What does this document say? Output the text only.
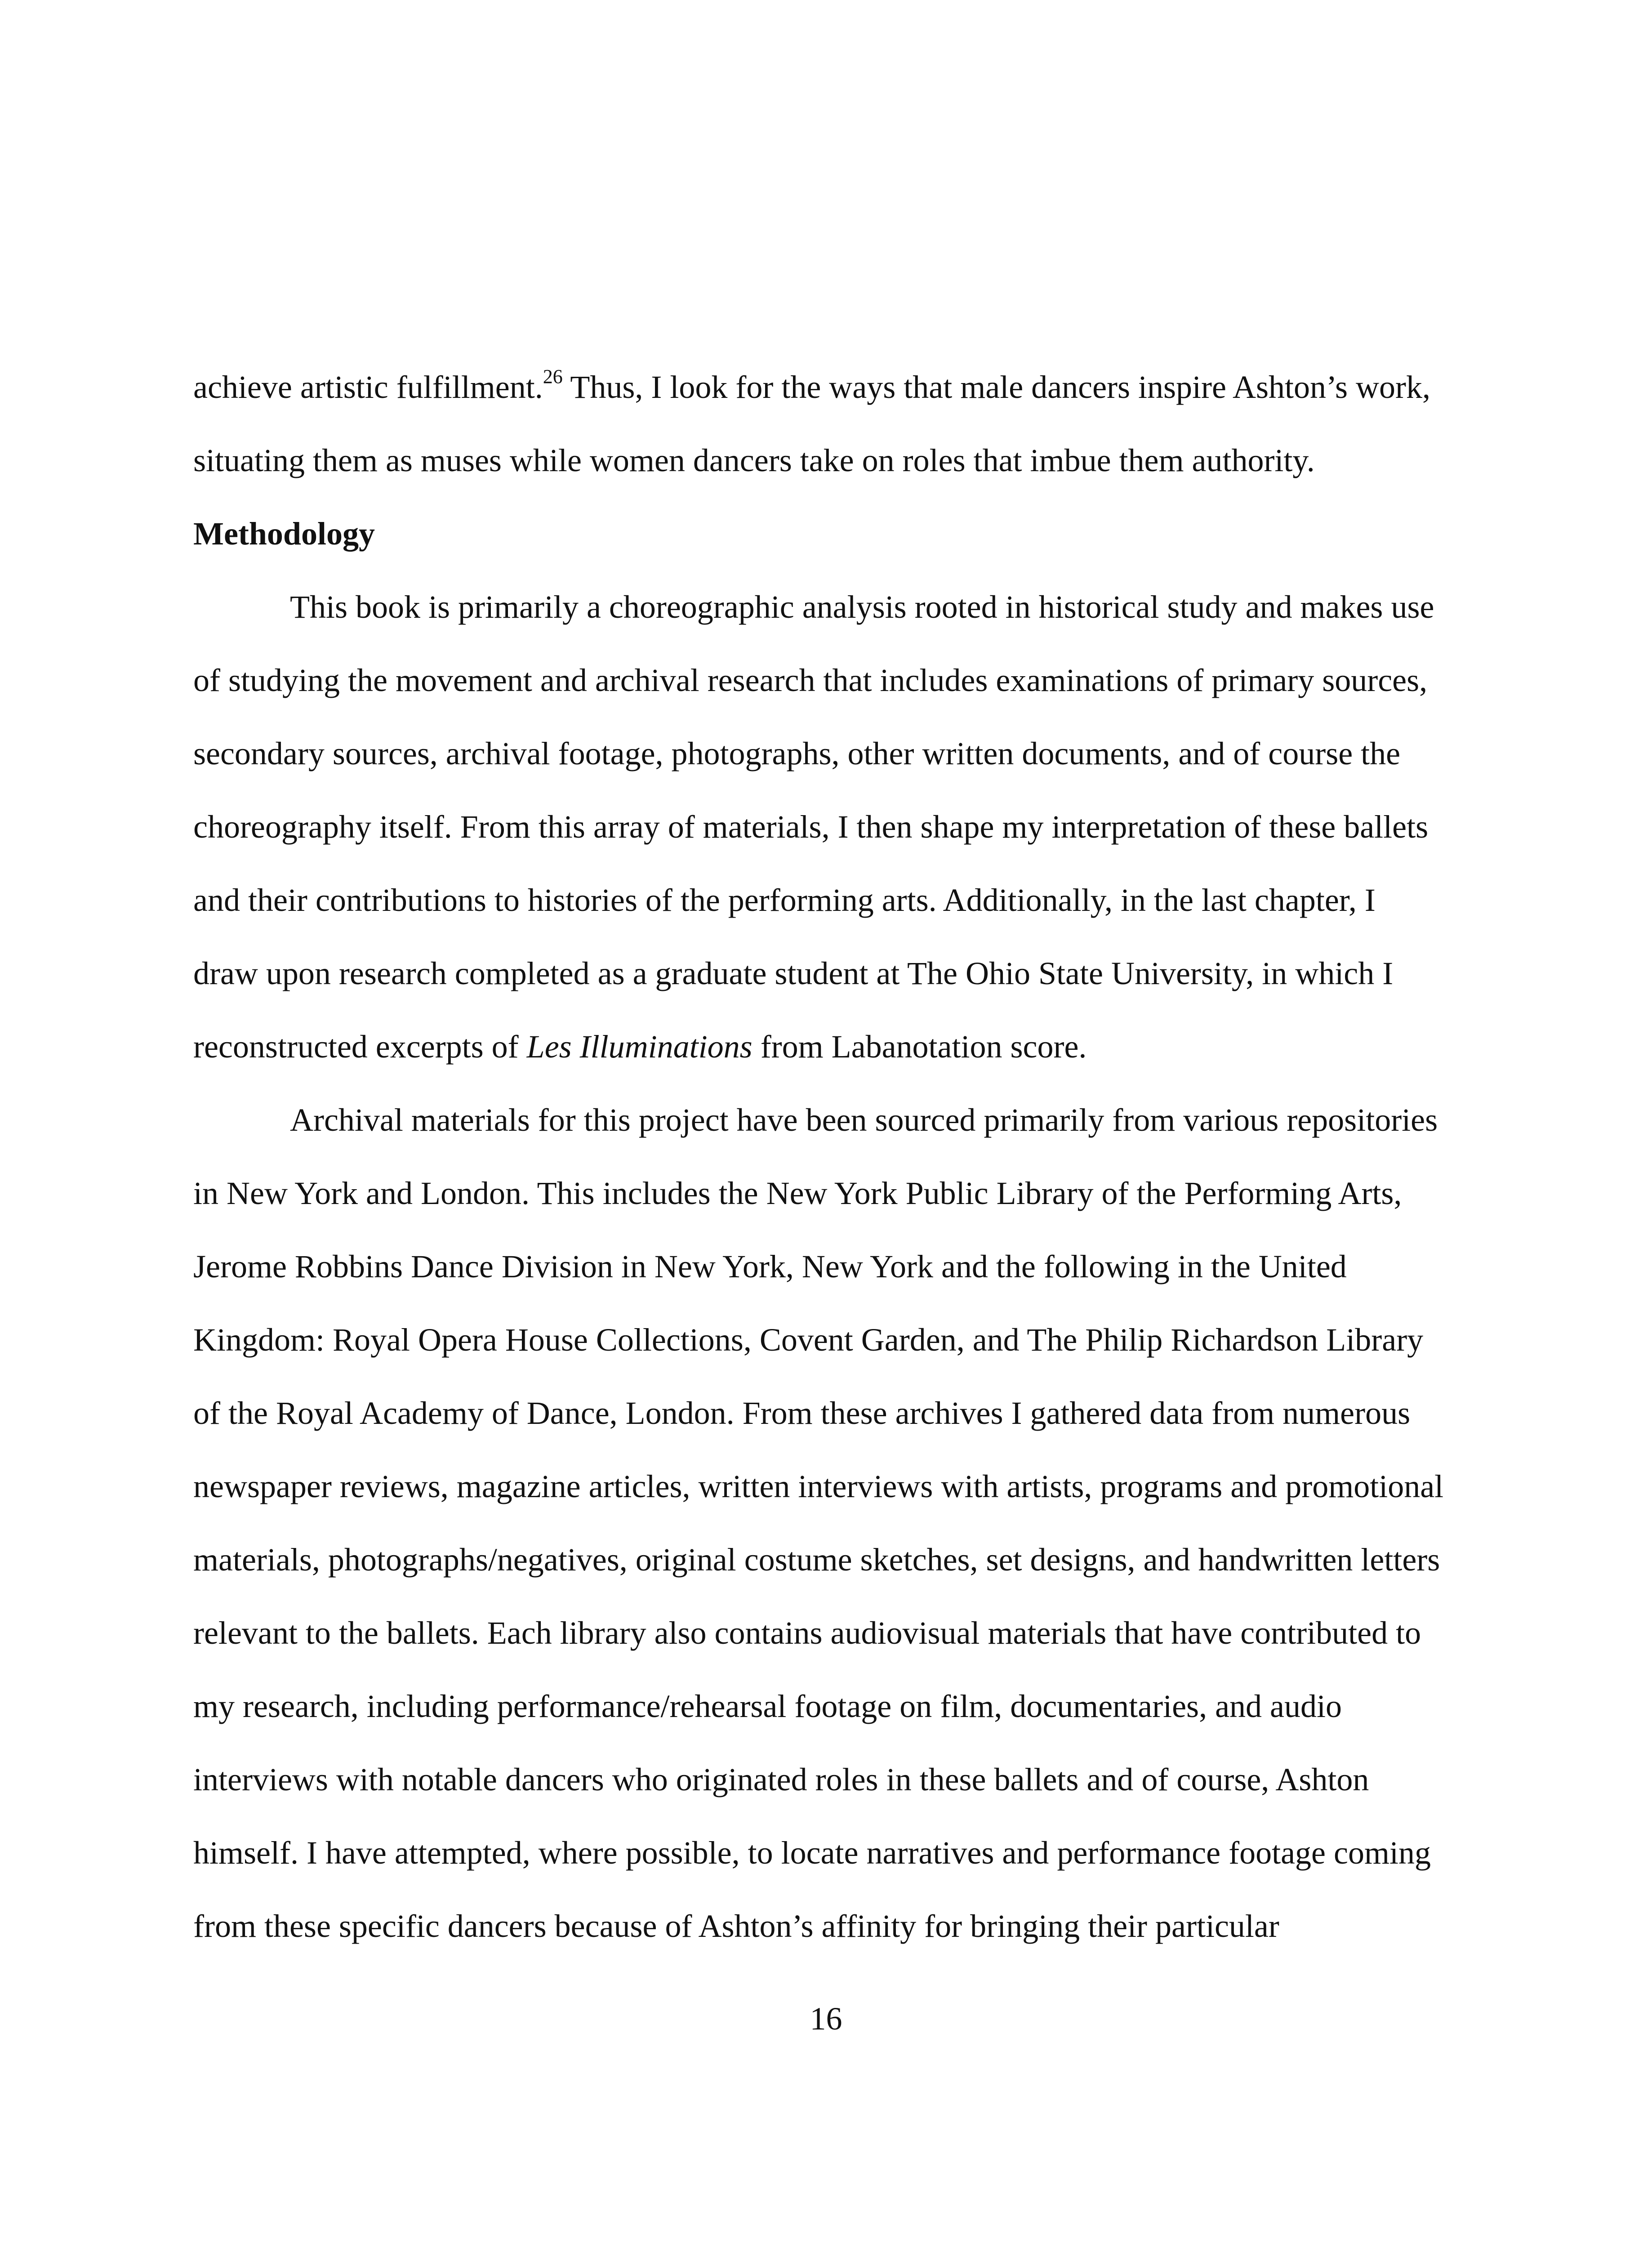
achieve artistic fulfillment.$^{26}$ Thus, I look for the ways that male dancers inspire Ashton’s work,
situating them as muses while women dancers take on roles that imbue them authority.
Methodology
This book is primarily a choreographic analysis rooted in historical study and makes use
of studying the movement and archival research that includes examinations of primary sources,
secondary sources, archival footage, photographs, other written documents, and of course the
choreography itself. From this array of materials, I then shape my interpretation of these ballets
and their contributions to histories of the performing arts. Additionally, in the last chapter, I
draw upon research completed as a graduate student at The Ohio State University, in which I
reconstructed excerpts of Les Illuminations from Labanotation score.
Archival materials for this project have been sourced primarily from various repositories
in New York and London. This includes the New York Public Library of the Performing Arts,
Jerome Robbins Dance Division in New York, New York and the following in the United
Kingdom: Royal Opera House Collections, Covent Garden, and The Philip Richardson Library
of the Royal Academy of Dance, London. From these archives I gathered data from numerous
newspaper reviews, magazine articles, written interviews with artists, programs and promotional
materials, photographs/negatives, original costume sketches, set designs, and handwritten letters
relevant to the ballets. Each library also contains audiovisual materials that have contributed to
my research, including performance/rehearsal footage on film, documentaries, and audio
interviews with notable dancers who originated roles in these ballets and of course, Ashton
himself. I have attempted, where possible, to locate narratives and performance footage coming
from these specific dancers because of Ashton’s affinity for bringing their particular
16
